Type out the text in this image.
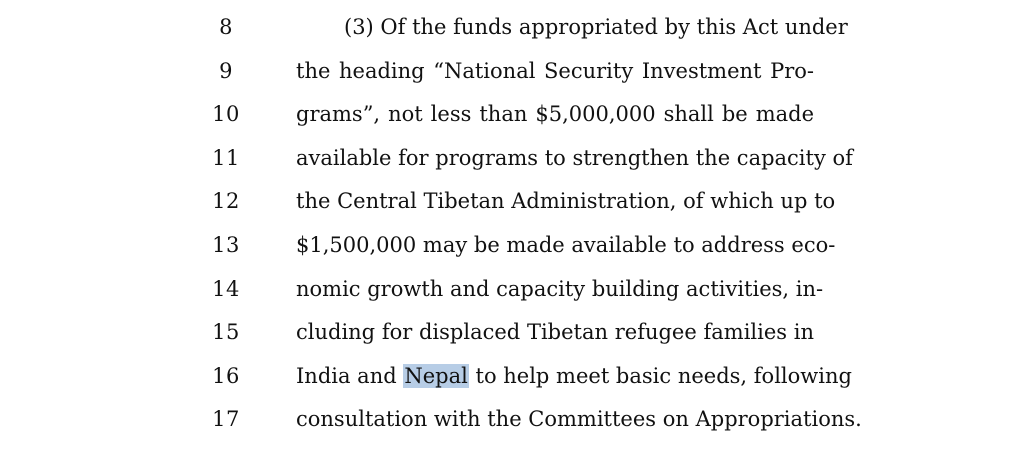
8	(3) Of the funds appropriated by this Act under
9	the heading “National Security Investment Pro-
10	grams”, not less than $5,000,000 shall be made
11	available for programs to strengthen the capacity of
12	the Central Tibetan Administration, of which up to
13	$1,500,000 may be made available to address eco-
14	nomic growth and capacity building activities, in-
15	cluding for displaced Tibetan refugee families in
16	India and Nepal to help meet basic needs, following
17	consultation with the Committees on Appropriations.
